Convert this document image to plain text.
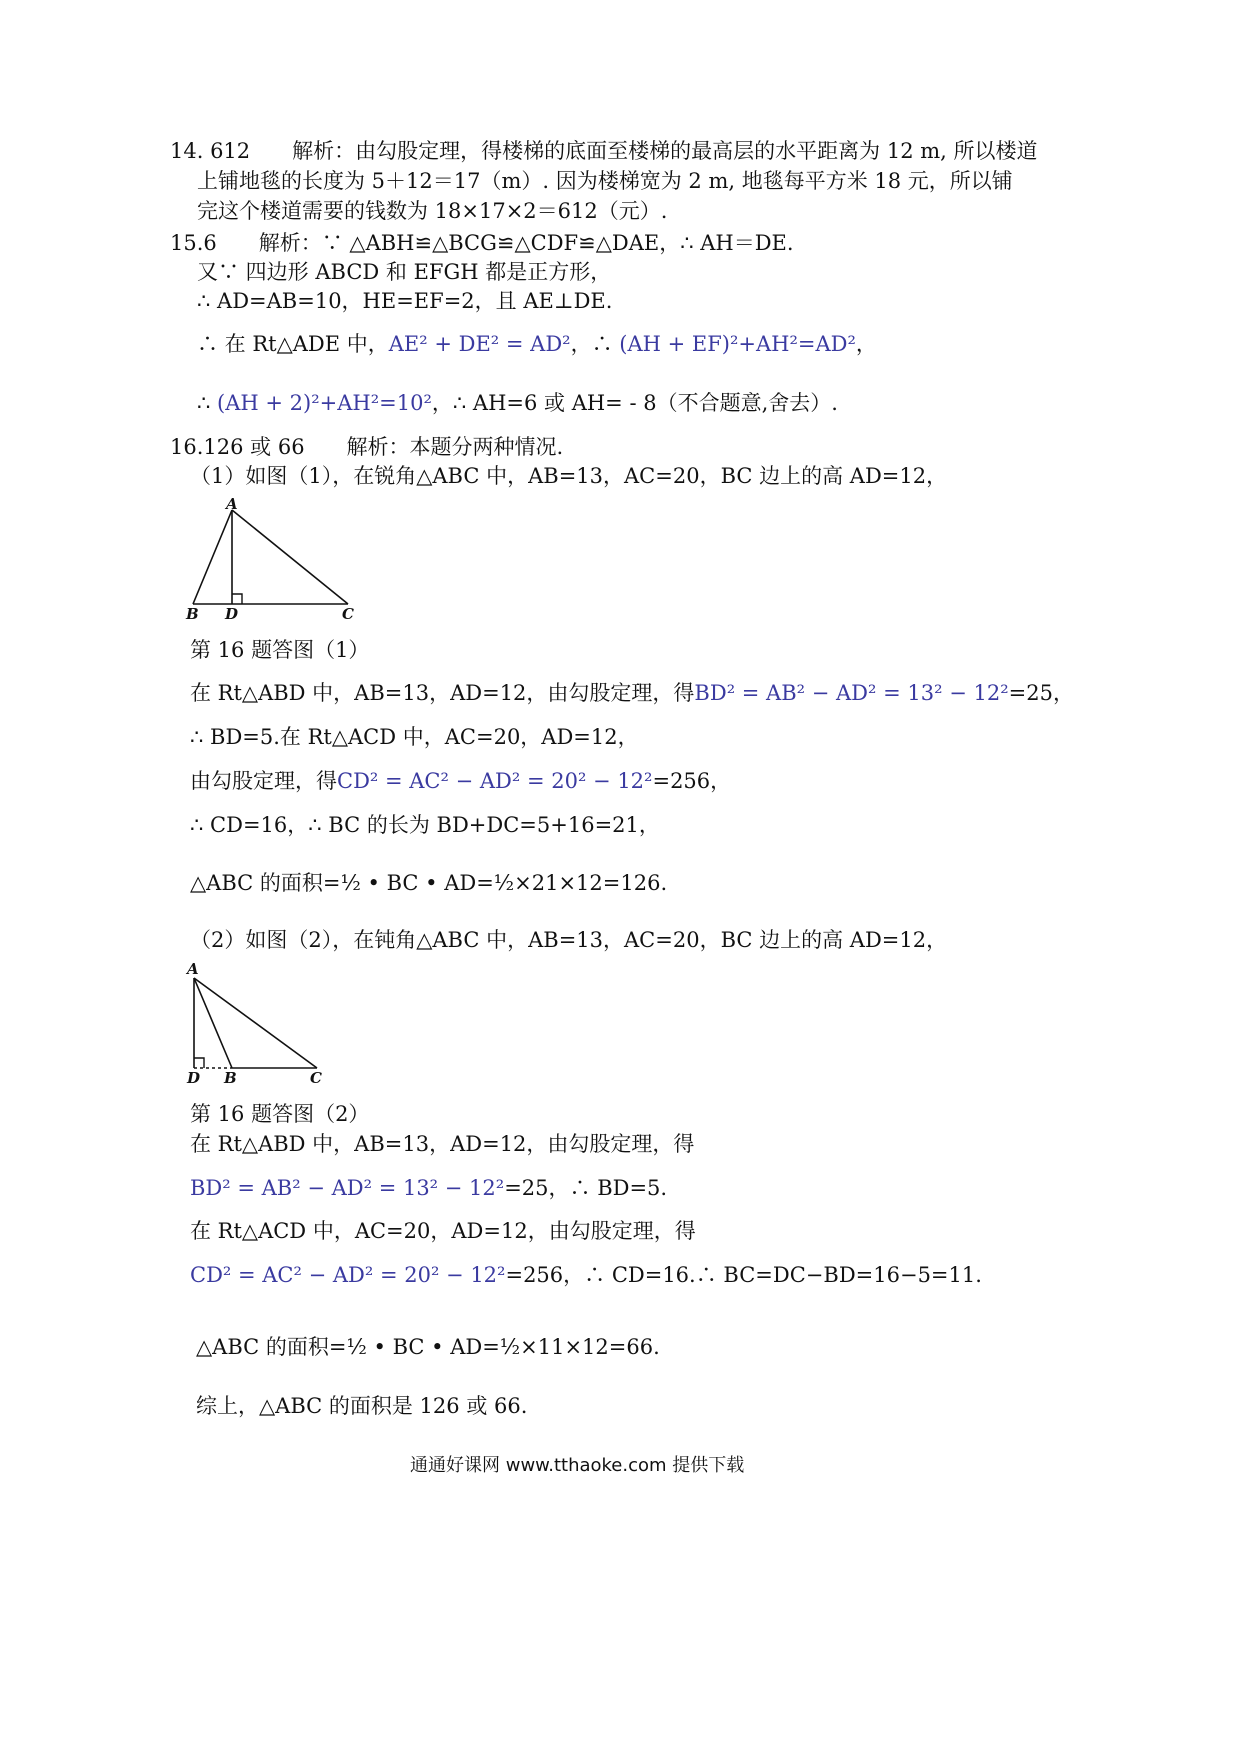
14. 612　　解析：由勾股定理，得楼梯的底面至楼梯的最高层的水平距离为 12 m, 所以楼道
上铺地毯的长度为 5＋12＝17（m）. 因为楼梯宽为 2 m, 地毯每平方米 18 元，所以铺
完这个楼道需要的钱数为 18×17×2＝612（元）.
15.6　　解析：∵ △ABH≌△BCG≌△CDF≌△DAE，∴ AH＝DE.
又∵ 四边形 ABCD 和 EFGH 都是正方形，
∴ AD=AB=10，HE=EF=2，且 AE⊥DE.
∴ 在 Rt△ADE 中，AE² + DE² = AD²，∴ (AH + EF)²+AH²=AD²，
∴ (AH + 2)²+AH²=10²，∴ AH=6 或 AH= - 8（不合题意,舍去）.
16.126 或 66　　解析：本题分两种情况.
（1）如图（1），在锐角△ABC 中，AB=13，AC=20，BC 边上的高 AD=12，
A
B D	C
第 16 题答图（1）
在 Rt△ABD 中，AB=13，AD=12，由勾股定理，得BD² = AB² − AD² = 13² − 12²=25，
∴ BD=5.在 Rt△ACD 中，AC=20，AD=12，
由勾股定理，得CD² = AC² − AD² = 20² − 12²=256，
∴ CD=16，∴ BC 的长为 BD+DC=5+16=21，
△ABC 的面积=½ • BC • AD=½×21×12=126.
（2）如图（2），在钝角△ABC 中，AB=13，AC=20，BC 边上的高 AD=12，
A
D B	C
第 16 题答图（2）
在 Rt△ABD 中，AB=13，AD=12，由勾股定理，得
BD² = AB² − AD² = 13² − 12²=25，∴ BD=5.
在 Rt△ACD 中，AC=20，AD=12，由勾股定理，得
CD² = AC² − AD² = 20² − 12²=256，∴ CD=16.∴ BC=DC−BD=16−5=11.
△ABC 的面积=½ • BC • AD=½×11×12=66.
综上，△ABC 的面积是 126 或 66.
通通好课网 www.tthaoke.com 提供下载
